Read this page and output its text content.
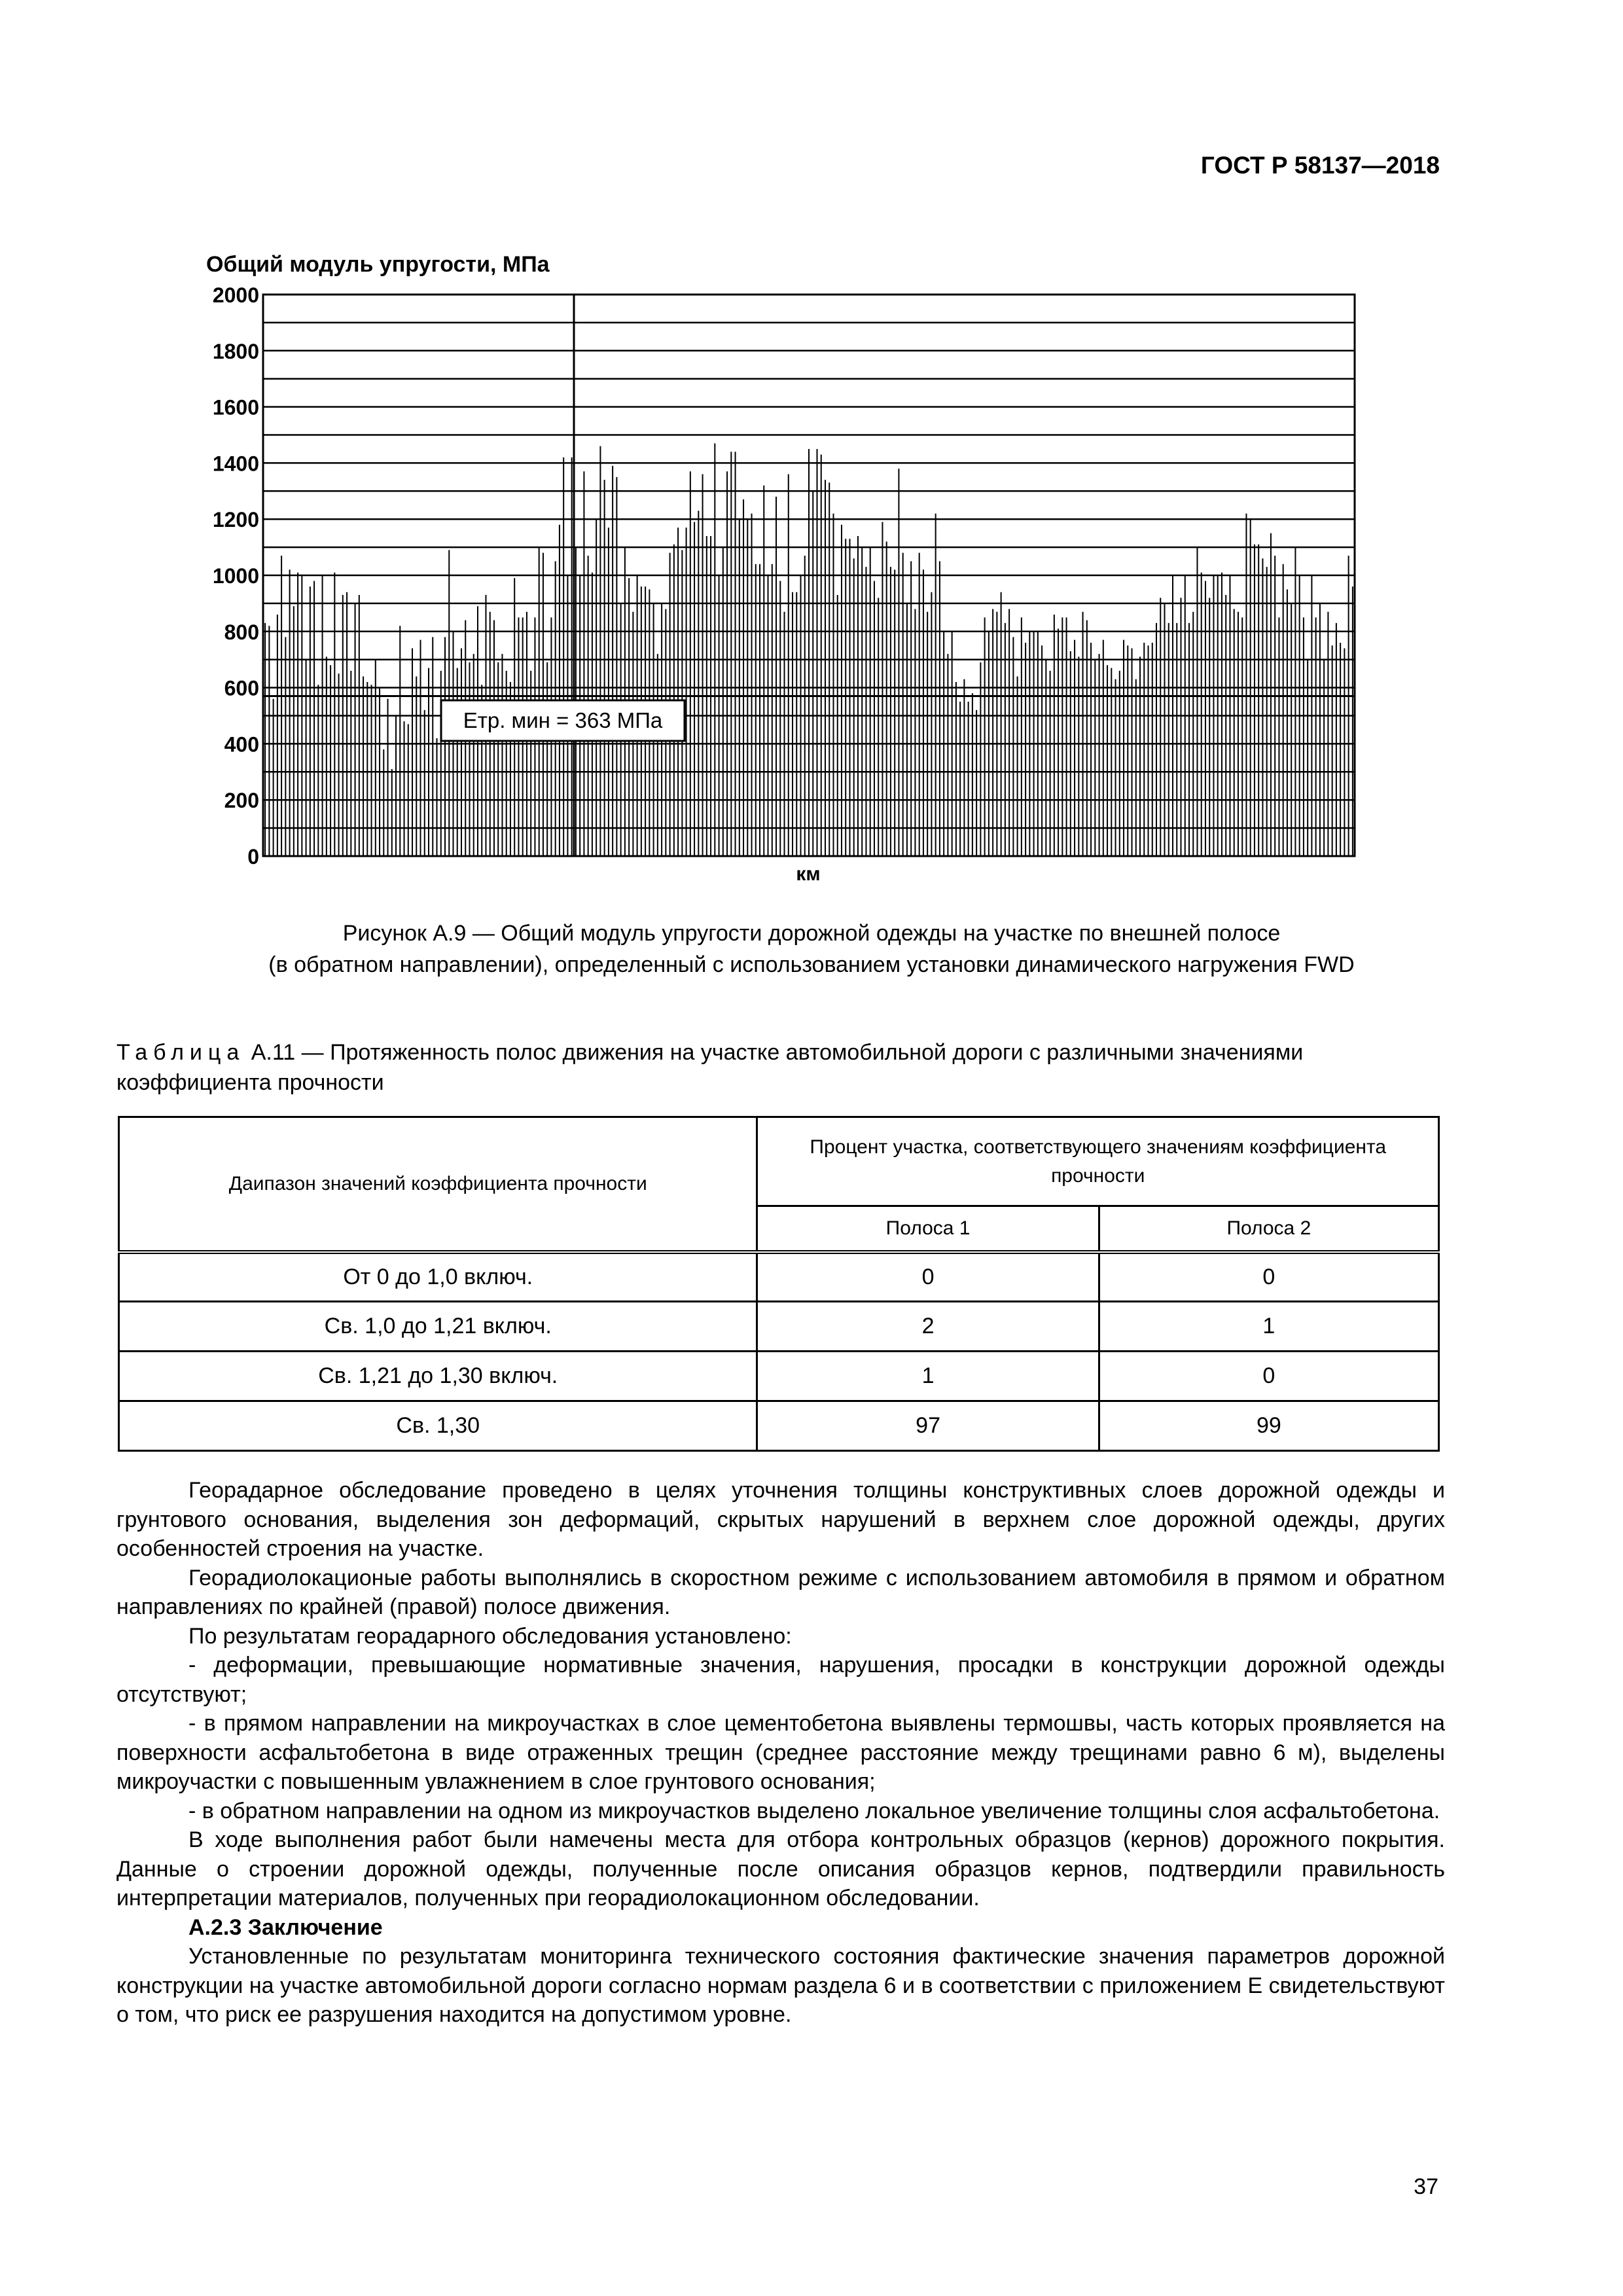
ГОСТ Р 58137—2018
Общий модуль упругости, МПа
0
200
400
600
800
1000
1200
1400
1600
1800
2000
Етр. мин = 363 МПа
км
Рисунок А.9 — Общий модуль упругости дорожной одежды на участке по внешней полосе
(в обратном направлении), определенный с использованием установки динамического нагружения FWD
Таблица А.11 — Протяженность полос движения на участке автомобильной дороги с различными значениями
коэффициента прочности
Даипазон значений коэффициента прочности	Процент участка, соответствующего значениям коэффициента прочности	
	Полоса 1	Полоса 2
От 0 до 1,0 включ.	0	0
Св. 1,0 до 1,21 включ.	2	1
Св. 1,21 до 1,30 включ.	1	0
Св. 1,30	97	99

Георадарное обследование проведено в целях уточнения толщины конструктивных слоев дорожной одежды и грунтового основания, выделения зон деформаций, скрытых нарушений в верхнем слое дорожной одежды, других особенностей строения на участке.

Георадиолокационые работы выполнялись в скоростном режиме с использованием автомобиля в прямом и обратном направлениях по крайней (правой) полосе движения.

По результатам георадарного обследования установлено:

- деформации, превышающие нормативные значения, нарушения, просадки в конструкции дорожной одежды отсутствуют;

- в прямом направлении на микроучастках в слое цементобетона выявлены термошвы, часть которых проявляется на поверхности асфальтобетона в виде отраженных трещин (среднее расстояние между трещинами равно 6 м), выделены микроучастки с повышенным увлажнением в слое грунтового основания;

- в обратном направлении на одном из микроучастков выделено локальное увеличение толщины слоя асфальтобетона.

В ходе выполнения работ были намечены места для отбора контрольных образцов (кернов) дорожного покрытия. Данные о строении дорожной одежды, полученные после описания образцов кернов, подтвердили правильность интерпретации материалов, полученных при георадиолокационном обследовании.

А.2.3 Заключение

Установленные по результатам мониторинга технического состояния фактические значения параметров дорожной конструкции на участке автомобильной дороги согласно нормам раздела 6 и в соответствии с приложением Е свидетельствуют о том, что риск ее разрушения находится на допустимом уровне.

37
